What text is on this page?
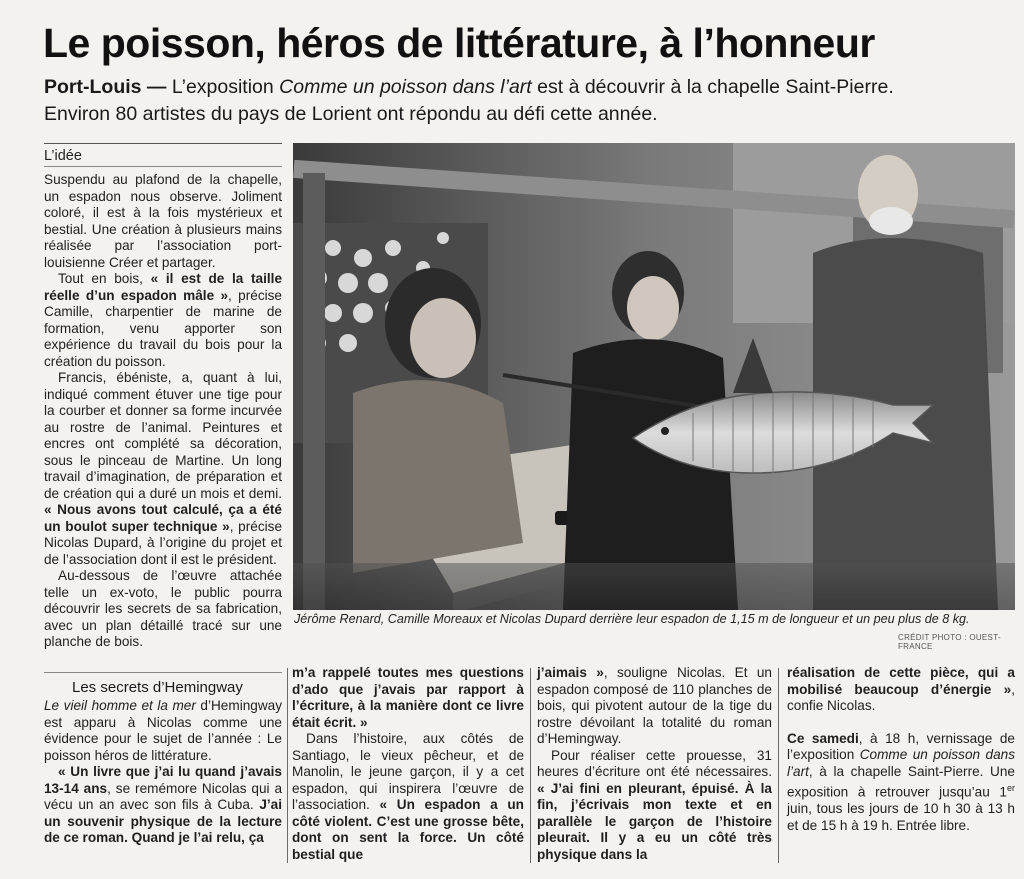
Le poisson, héros de littérature, à l’honneur
Port-Louis — L’exposition Comme un poisson dans l’art est à découvrir à la chapelle Saint-Pierre.
Environ 80 artistes du pays de Lorient ont répondu au défi cette année.
L’idée

Suspendu au plafond de la chapelle, un espadon nous observe. Joliment coloré, il est à la fois mystérieux et bestial. Une création à plusieurs mains réalisée par l’association port-louisienne Créer et partager.

Tout en bois, « il est de la taille réelle d’un espadon mâle », précise Camille, charpentier de marine de formation, venu apporter son expérience du travail du bois pour la création du poisson.

Francis, ébéniste, a, quant à lui, indiqué comment étuver une tige pour la courber et donner sa forme incurvée au rostre de l’animal. Peintures et encres ont complété sa décoration, sous le pinceau de Martine. Un long travail d’imagination, de préparation et de création qui a duré un mois et demi. « Nous avons tout calculé, ça a été un boulot super technique », précise Nicolas Dupard, à l’origine du projet et de l’association dont il est le président.

Au-dessous de l’œuvre attachée telle un ex-voto, le public pourra découvrir les secrets de sa fabrication, avec un plan détaillé tracé sur une planche de bois.

Les secrets d’Hemingway

Le vieil homme et la mer d’Hemingway est apparu à Nicolas comme une évidence pour le sujet de l’année : Le poisson héros de littérature.

« Un livre que j’ai lu quand j’avais 13-14 ans, se remémore Nicolas qui a vécu un an avec son fils à Cuba. J’ai un souvenir physique de la lecture de ce roman. Quand je l’ai relu, ça

m’a rappelé toutes mes questions d’ado que j’avais par rapport à l’écriture, à la manière dont ce livre était écrit. »

Dans l’histoire, aux côtés de Santiago, le vieux pêcheur, et de Manolin, le jeune garçon, il y a cet espadon, qui inspirera l’œuvre de l’association. « Un espadon a un côté violent. C’est une grosse bête, dont on sent la force. Un côté bestial que

j’aimais », souligne Nicolas. Et un espadon composé de 110 planches de bois, qui pivotent autour de la tige du rostre dévoilant la totalité du roman d’Hemingway.

Pour réaliser cette prouesse, 31 heures d’écriture ont été nécessaires. « J’ai fini en pleurant, épuisé. À la fin, j’écrivais mon texte et en parallèle le garçon de l’histoire pleurait. Il y a eu un côté très physique dans la

réalisation de cette pièce, qui a mobilisé beaucoup d’énergie », confie Nicolas.

Ce samedi, à 18 h, vernissage de l’exposition Comme un poisson dans l’art, à la chapelle Saint-Pierre. Une exposition à retrouver jusqu’au 1er juin, tous les jours de 10 h 30 à 13 h et de 15 h à 19 h. Entrée libre.

Jérôme Renard, Camille Moreaux et Nicolas Dupard derrière leur espadon de 1,15 m de longueur et un peu plus de 8 kg.
CRÉDIT PHOTO : OUEST-FRANCE
